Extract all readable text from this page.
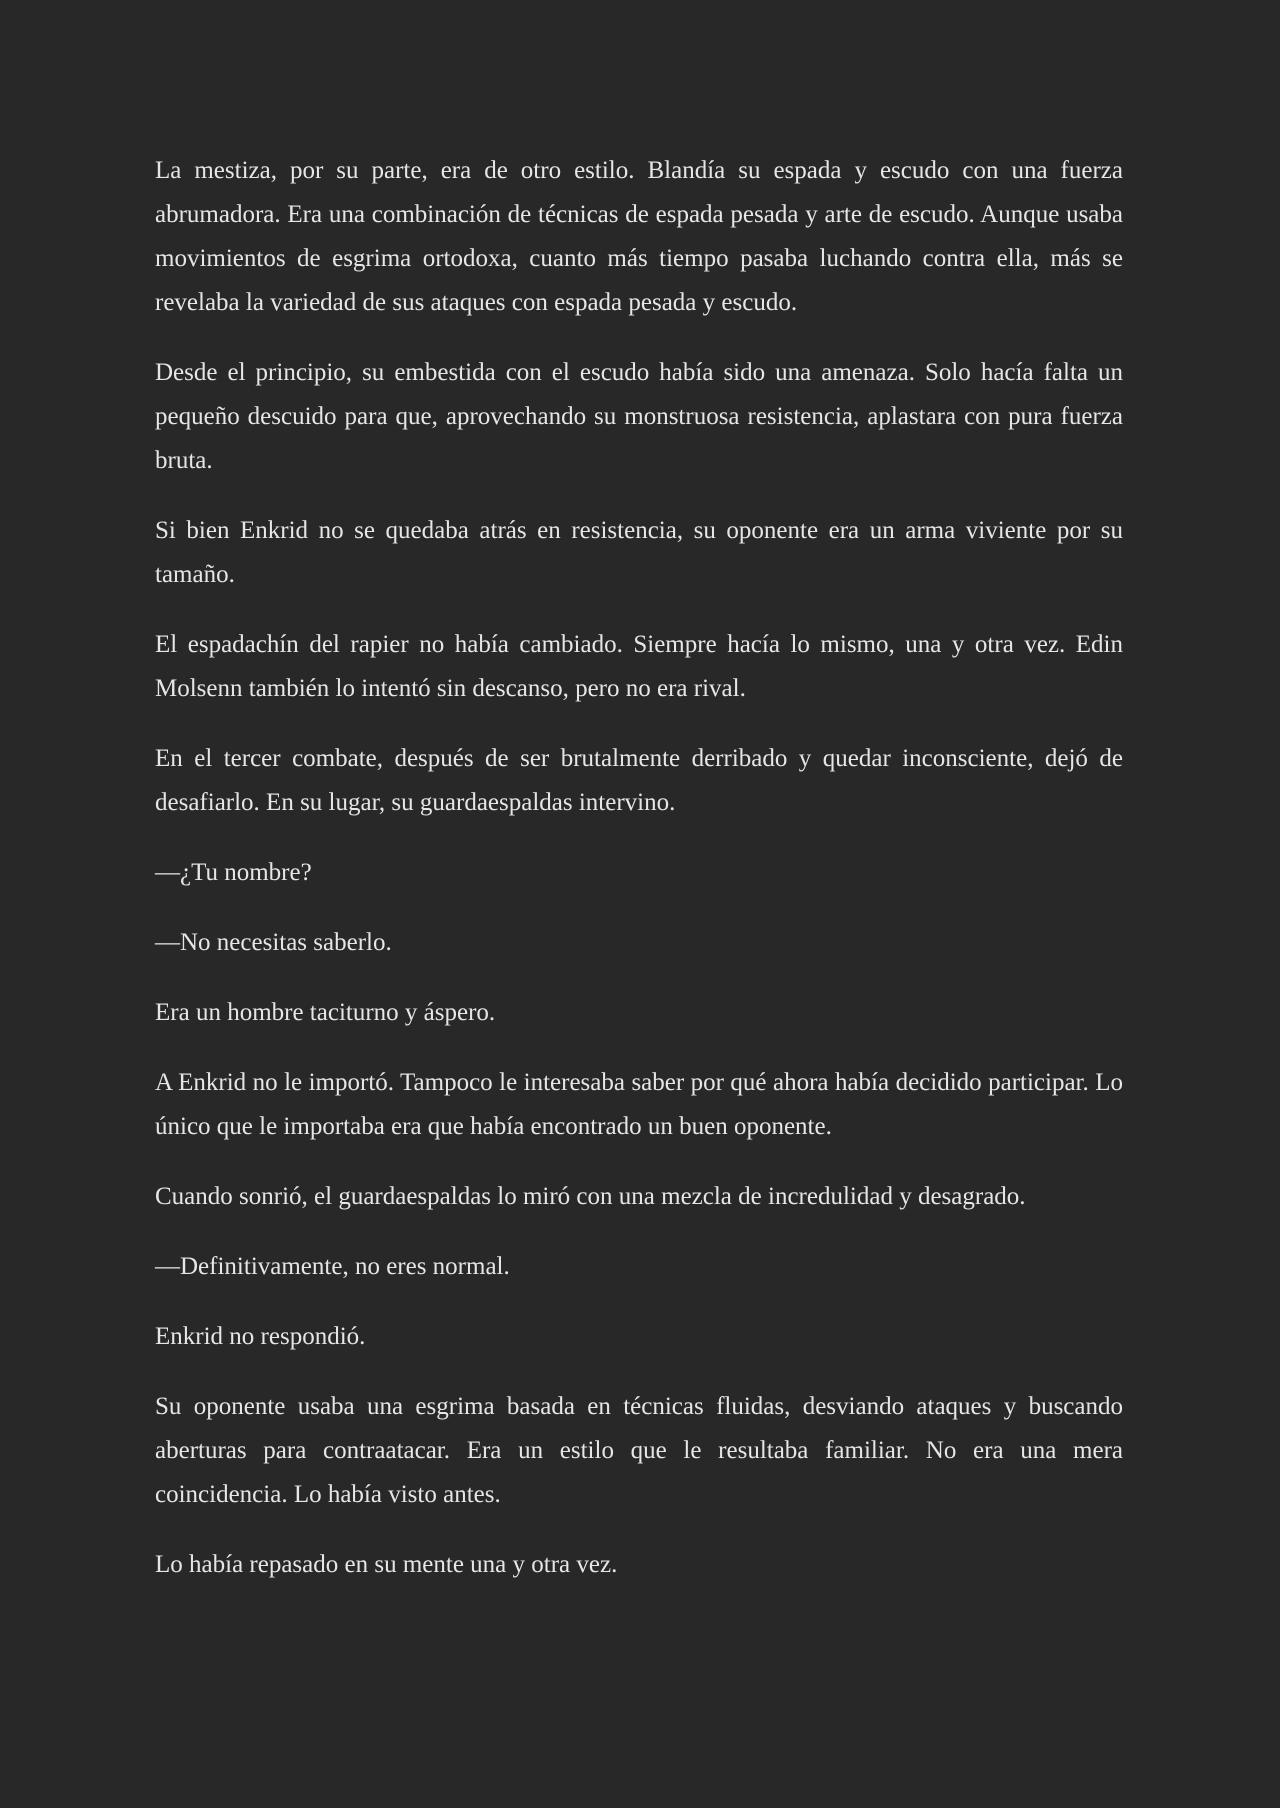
La mestiza, por su parte, era de otro estilo. Blandía su espada y escudo con una fuerza abrumadora. Era una combinación de técnicas de espada pesada y arte de escudo. Aunque usaba movimientos de esgrima ortodoxa, cuanto más tiempo pasaba luchando contra ella, más se revelaba la variedad de sus ataques con espada pesada y escudo.

Desde el principio, su embestida con el escudo había sido una amenaza. Solo hacía falta un pequeño descuido para que, aprovechando su monstruosa resistencia, aplastara con pura fuerza bruta.

Si bien Enkrid no se quedaba atrás en resistencia, su oponente era un arma viviente por su tamaño.

El espadachín del rapier no había cambiado. Siempre hacía lo mismo, una y otra vez. Edin Molsenn también lo intentó sin descanso, pero no era rival.

En el tercer combate, después de ser brutalmente derribado y quedar inconsciente, dejó de desafiarlo. En su lugar, su guardaespaldas intervino.

—¿Tu nombre?

—No necesitas saberlo.

Era un hombre taciturno y áspero.

A Enkrid no le importó. Tampoco le interesaba saber por qué ahora había decidido participar. Lo único que le importaba era que había encontrado un buen oponente.

Cuando sonrió, el guardaespaldas lo miró con una mezcla de incredulidad y desagrado.

—Definitivamente, no eres normal.

Enkrid no respondió.

Su oponente usaba una esgrima basada en técnicas fluidas, desviando ataques y buscando aberturas para contraatacar. Era un estilo que le resultaba familiar. No era una mera coincidencia. Lo había visto antes.

Lo había repasado en su mente una y otra vez.
